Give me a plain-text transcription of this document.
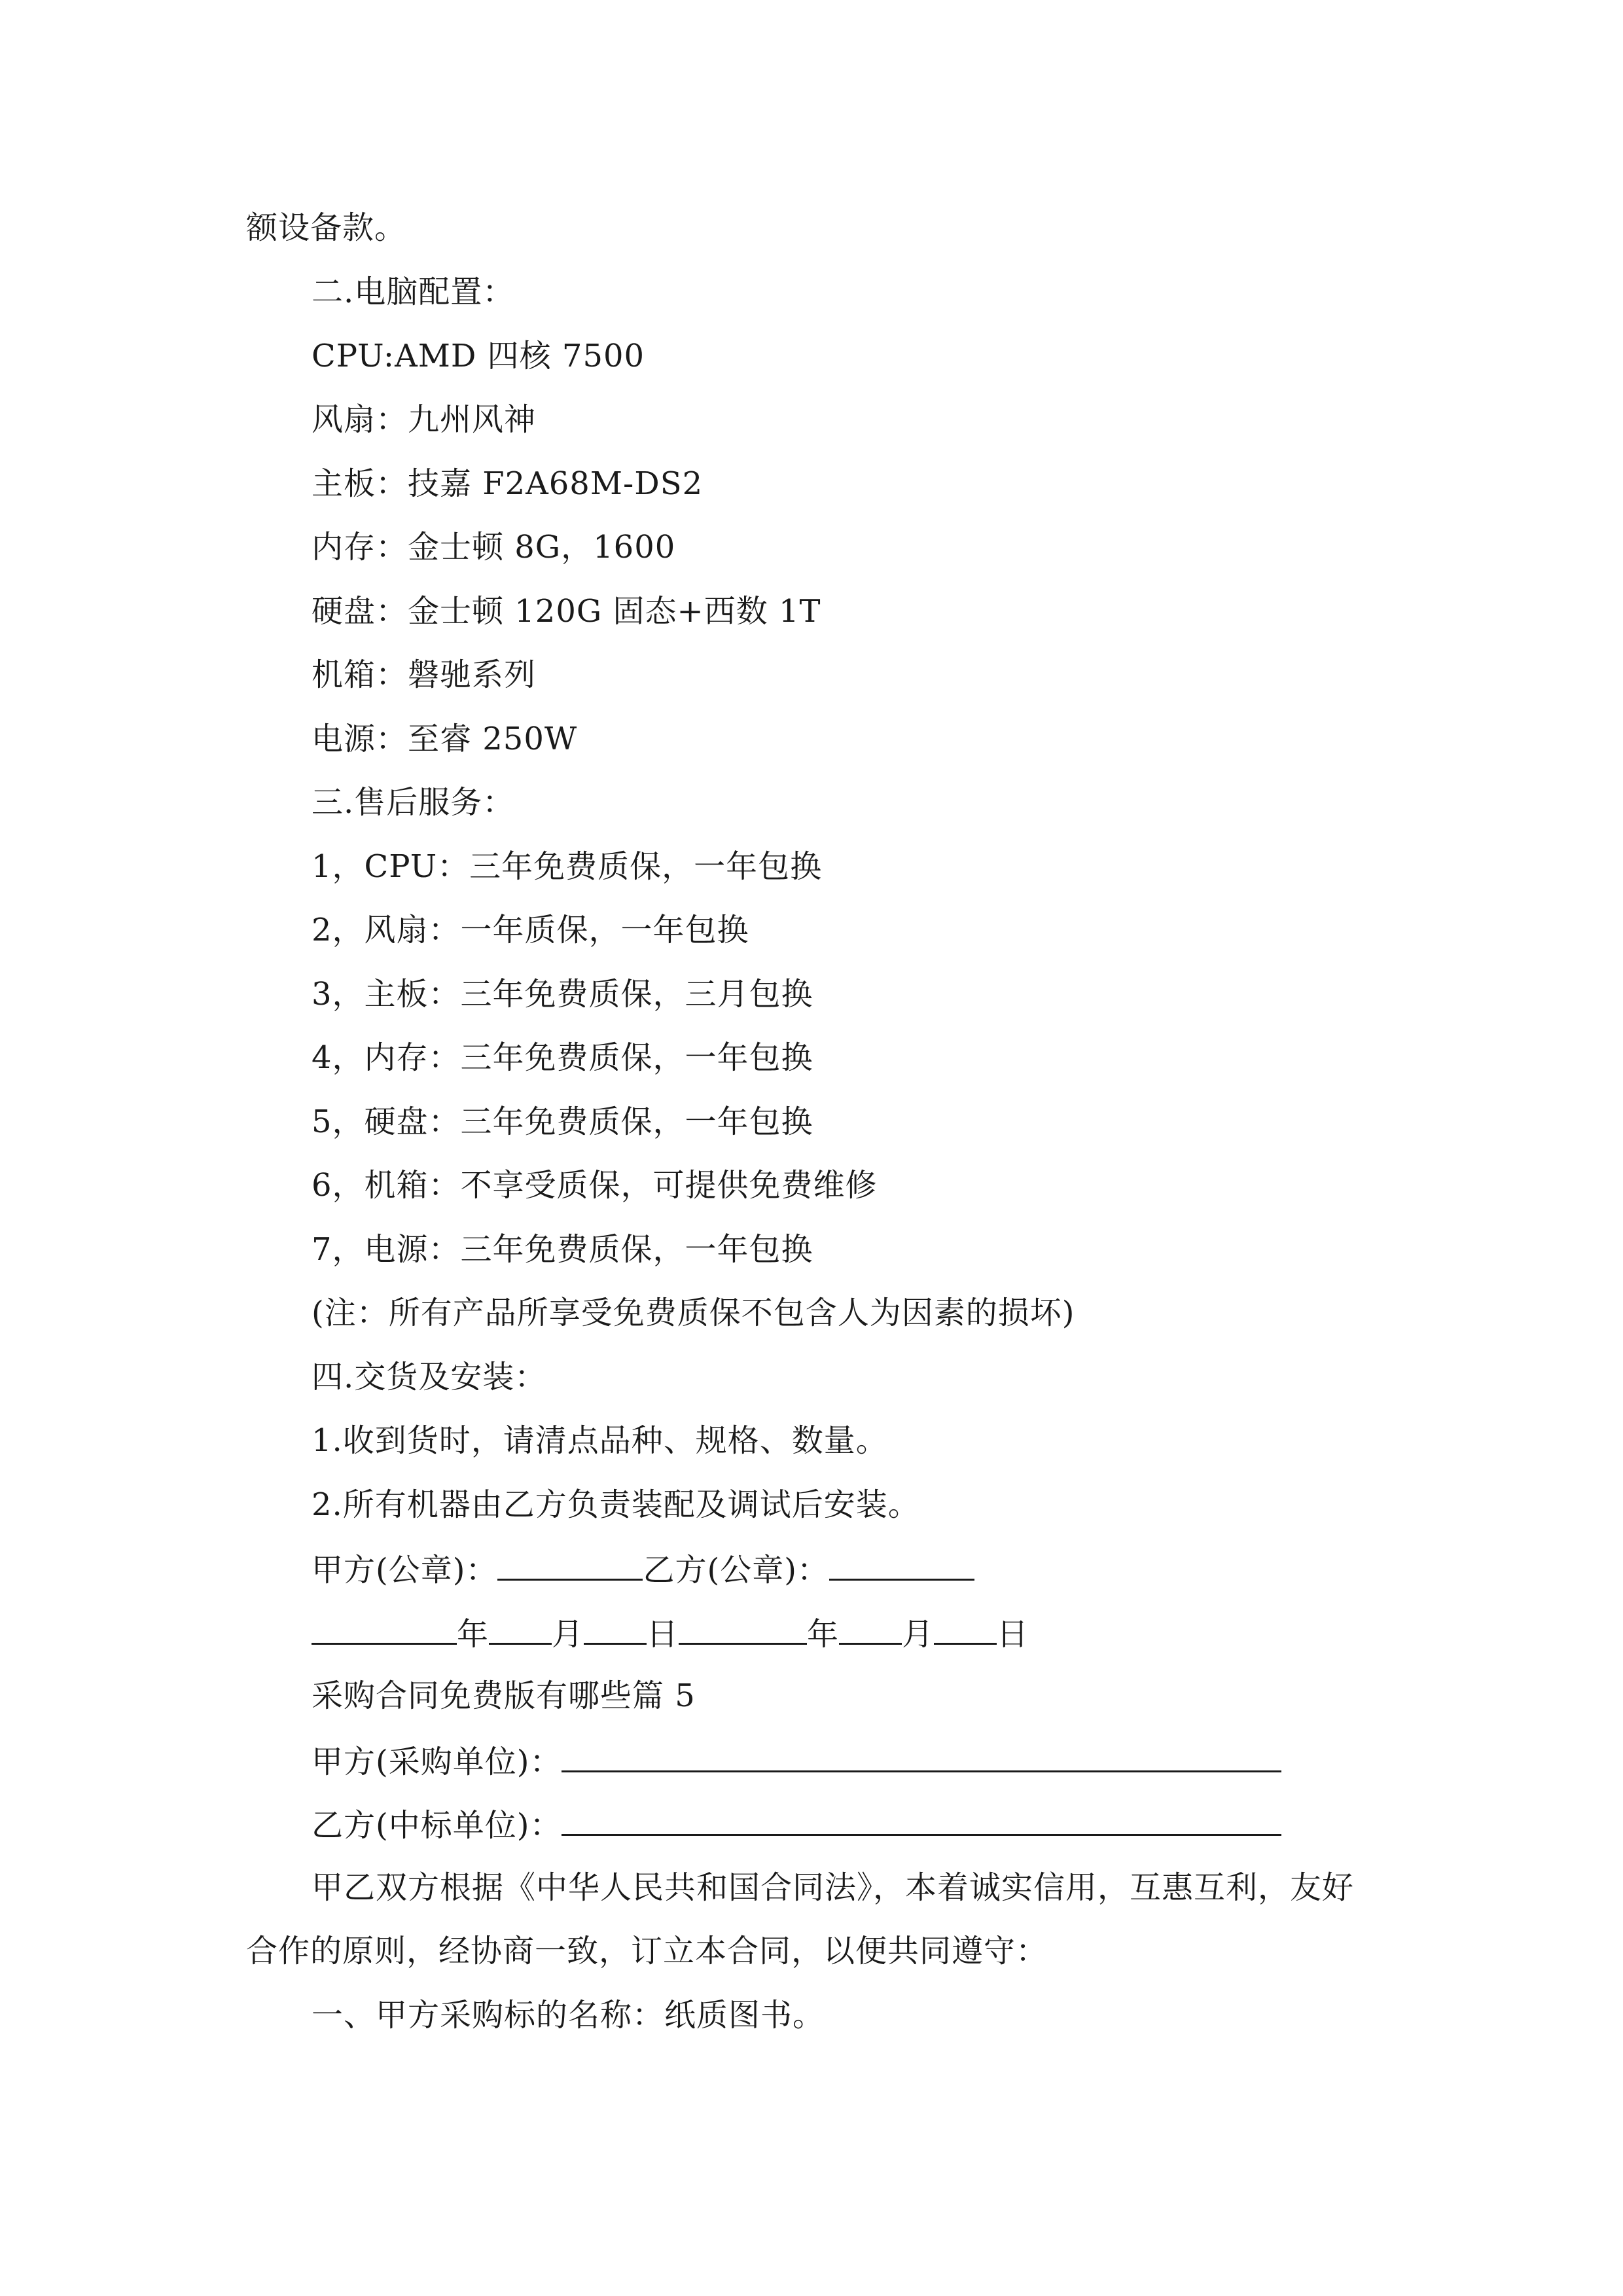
额设备款。
二.电脑配置：
CPU:AMD 四核 7500
风扇：九州风神
主板：技嘉 F2A68M-DS2
内存：金士顿 8G，1600
硬盘：金士顿 120G 固态+西数 1T
机箱：磐驰系列
电源：至睿 250W
三.售后服务：
1，CPU：三年免费质保，一年包换
2，风扇：一年质保，一年包换
3，主板：三年免费质保，三月包换
4，内存：三年免费质保，一年包换
5，硬盘：三年免费质保，一年包换
6，机箱：不享受质保，可提供免费维修
7，电源：三年免费质保，一年包换
(注：所有产品所享受免费质保不包含人为因素的损坏)
四.交货及安装：
1.收到货时，请清点品种、规格、数量。
2.所有机器由乙方负责装配及调试后安装。
甲方(公章)：	乙方(公章)：
年 月 日	年 月 日
采购合同免费版有哪些篇 5
甲方(采购单位)：
乙方(中标单位)：
甲乙双方根据《中华人民共和国合同法》，本着诚实信用，互惠互利，友好
合作的原则，经协商一致，订立本合同，以便共同遵守：
一、甲方采购标的名称：纸质图书。
